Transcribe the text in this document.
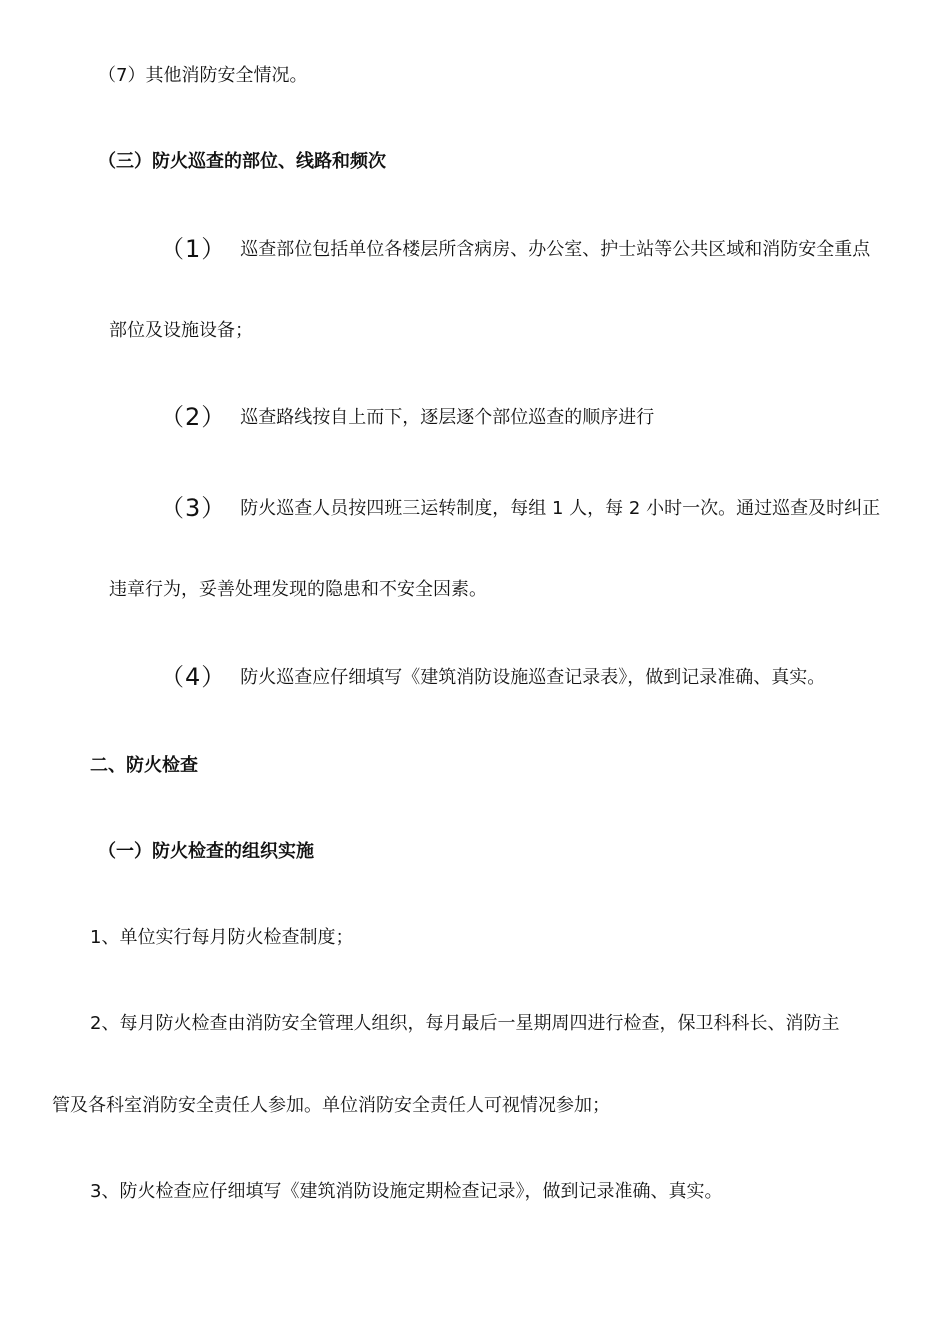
（7）其他消防安全情况。
（三）防火巡查的部位、线路和频次
（1） 巡查部位包括单位各楼层所含病房、办公室、护士站等公共区域和消防安全重点
部位及设施设备；
（2） 巡查路线按自上而下，逐层逐个部位巡查的顺序进行
（3） 防火巡查人员按四班三运转制度，每组 1 人，每 2 小时一次。通过巡查及时纠正
违章行为，妥善处理发现的隐患和不安全因素。
（4） 防火巡查应仔细填写《建筑消防设施巡查记录表》，做到记录准确、真实。
二、防火检查
（一）防火检查的组织实施
1、单位实行每月防火检查制度；
2、每月防火检查由消防安全管理人组织，每月最后一星期周四进行检查，保卫科科长、消防主
管及各科室消防安全责任人参加。单位消防安全责任人可视情况参加；
3、防火检查应仔细填写《建筑消防设施定期检查记录》，做到记录准确、真实。
